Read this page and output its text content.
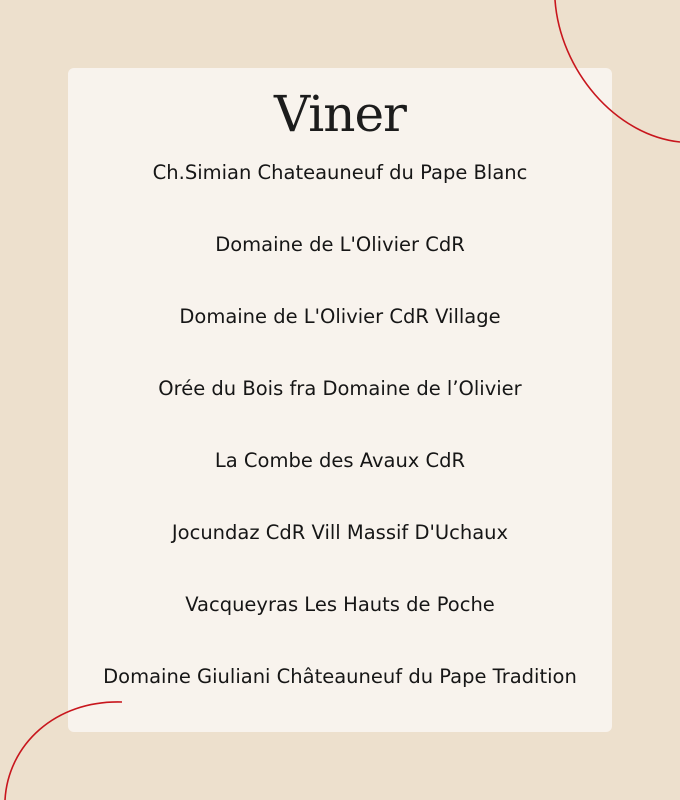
Viner
Ch.Simian Chateauneuf du Pape Blanc
Domaine de L'Olivier CdR
Domaine de L'Olivier CdR Village
Orée du Bois fra Domaine de l’Olivier
La Combe des Avaux CdR
Jocundaz CdR Vill Massif D'Uchaux
Vacqueyras Les Hauts de Poche
Domaine Giuliani Châteauneuf du Pape Tradition
